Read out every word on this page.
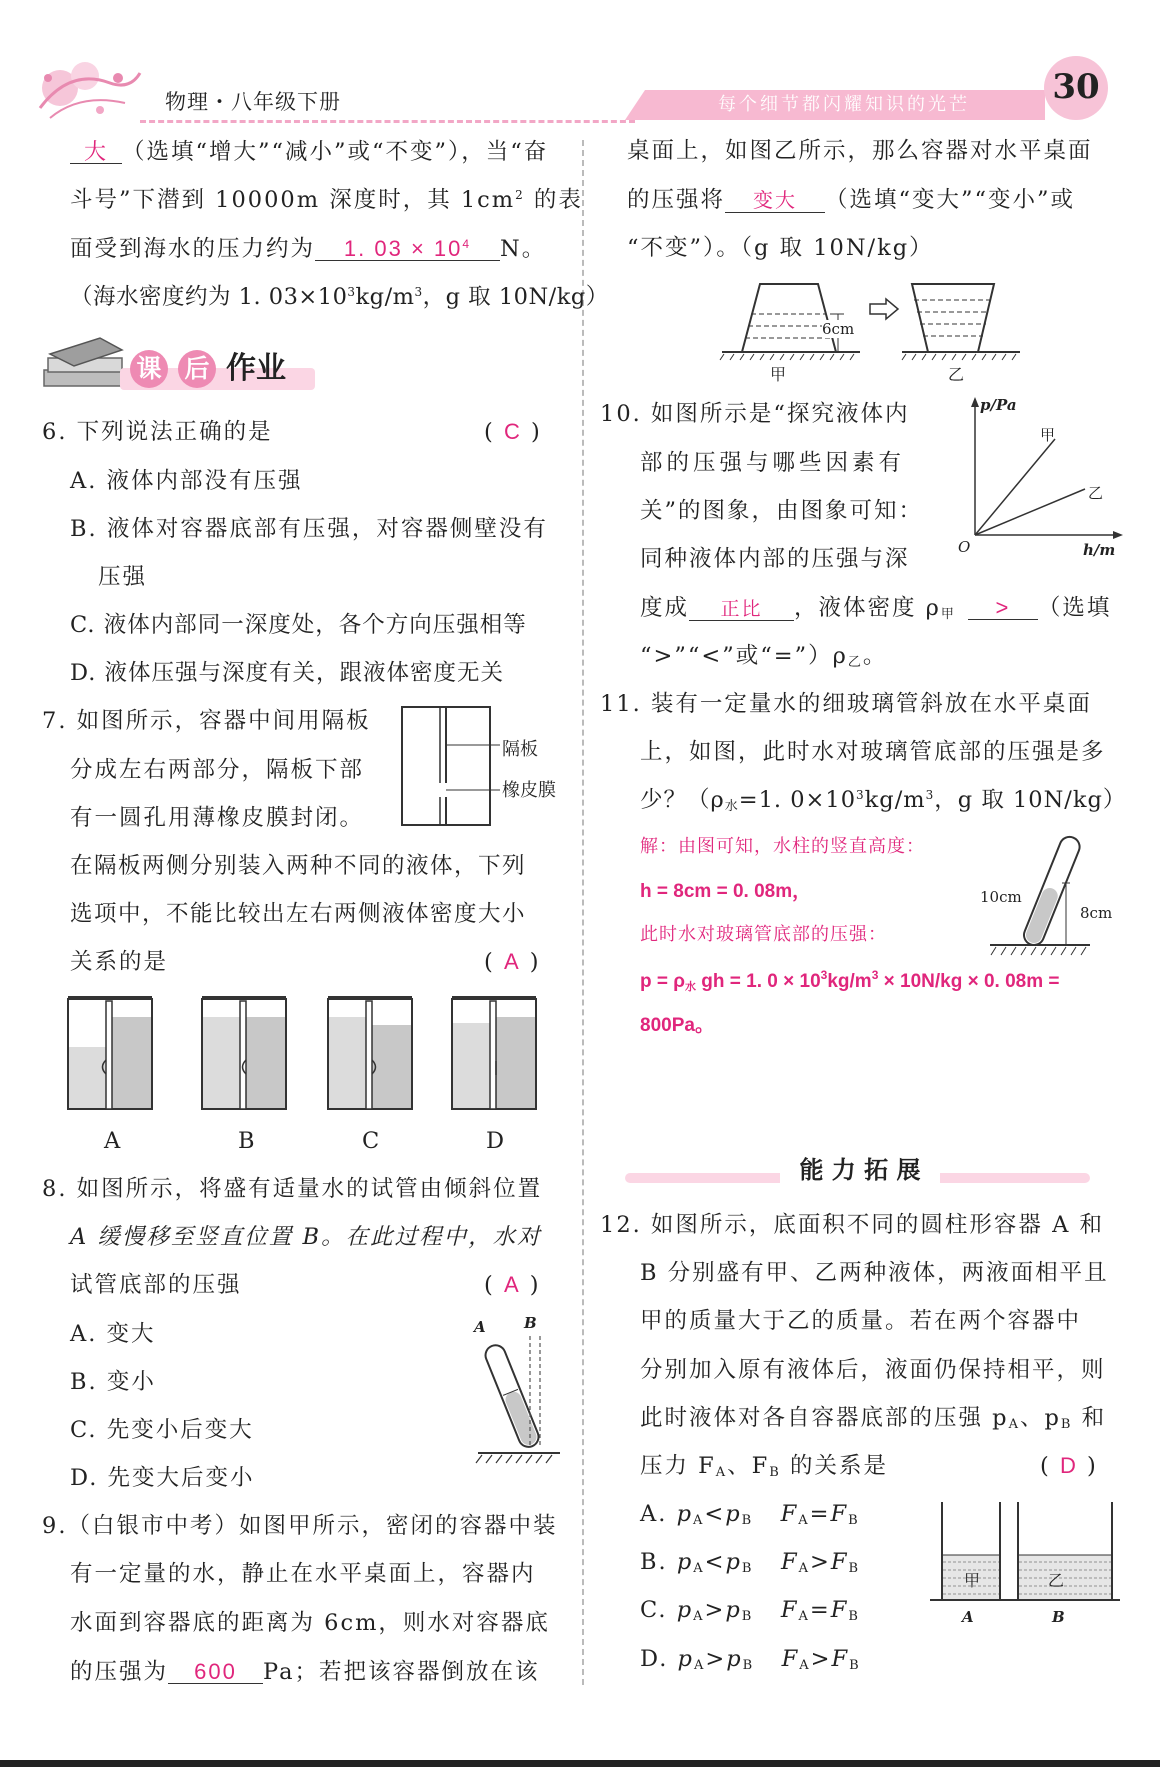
物理・八年级下册	每个细节都闪耀知识的光芒 30
大 （选填“增大”“减小”或“不变”），当“奋
斗号”下潜到 10000m 深度时，其 $1cm^2$ 的表
面受到海水的压力约为 1. $03 \times 10^4$ N。
（海水密度约为 1. $03\times 10^3kg/m^3$，g 取 10N/kg）
课 后 作业
6. 下列说法正确的是	( C )
A. 液体内部没有压强
B. 液体对容器底部有压强，对容器侧壁没有
压强
C. 液体内部同一深度处，各个方向压强相等
D. 液体压强与深度有关，跟液体密度无关
7. 如图所示，容器中间用隔板
分成左右两部分，隔板下部
有一圆孔用薄橡皮膜封闭。
隔板
橡皮膜
在隔板两侧分别装入两种不同的液体，下列
选项中，不能比较出左右两侧液体密度大小
关系的是	( A )
A	B	C	D
8. 如图所示，将盛有适量水的试管由倾斜位置
A 缓慢移至竖直位置 B。在此过程中，水对
试管底部的压强	( A )
A. 变大
B. 变小
C. 先变小后变大
D. 先变大后变小
A	B
9.（白银市中考）如图甲所示，密闭的容器中装
有一定量的水，静止在水平桌面上，容器内
水面到容器底的距离为 6cm，则水对容器底
的压强为 600 Pa；若把该容器倒放在该
桌面上，如图乙所示，那么容器对水平桌面
的压强将 变大 （选填“变大”“变小”或
“不变”）。（g 取 10N/kg）
6cm
甲	乙
10. 如图所示是“探究液体内
部的压强与哪些因素有
关”的图象，由图象可知：
同种液体内部的压强与深
p/Pa
h/m
O
甲
乙
度成 正比 ，液体密度 $\rho_甲$ > （选填
“>”“<”或“$=”)\rho_乙$。
11. 装有一定量水的细玻璃管斜放在水平桌面
上，如图，此时水对玻璃管底部的压强是多
少？（$\rho_水=1$. $0\times 10^3kg/m^3$，g 取 10N/kg）
解：由图可知，水柱的竖直高度：
h = 8cm = 0. 08m，
此时水对玻璃管底部的压强：
$p = \rho_水$ gh = 1. $0 \times 10^3kg/m^3 \times 10N/kg \times 0$. 08m =
800Pa。
10cm
8cm
能 力 拓 展
12. 如图所示，底面积不同的圆柱形容器 A 和
B 分别盛有甲、乙两种液体，两液面相平且
甲的质量大于乙的质量。若在两个容器中
分别加入原有液体后，液面仍保持相平，则
此时液体对各自容器底部的压强 $p_A$、$p_B$ 和
压力 $F_A$、$F_B$ 的关系是	( D )
A. $p_A<p_B$ $F_A=F_B$
B. $p_A<p_B$ $F_A>F_B$
C. $p_A>p_B$ $F_A=F_B$
D. $p_A>p_B$ $F_A>F_B$
甲	乙
A	B
